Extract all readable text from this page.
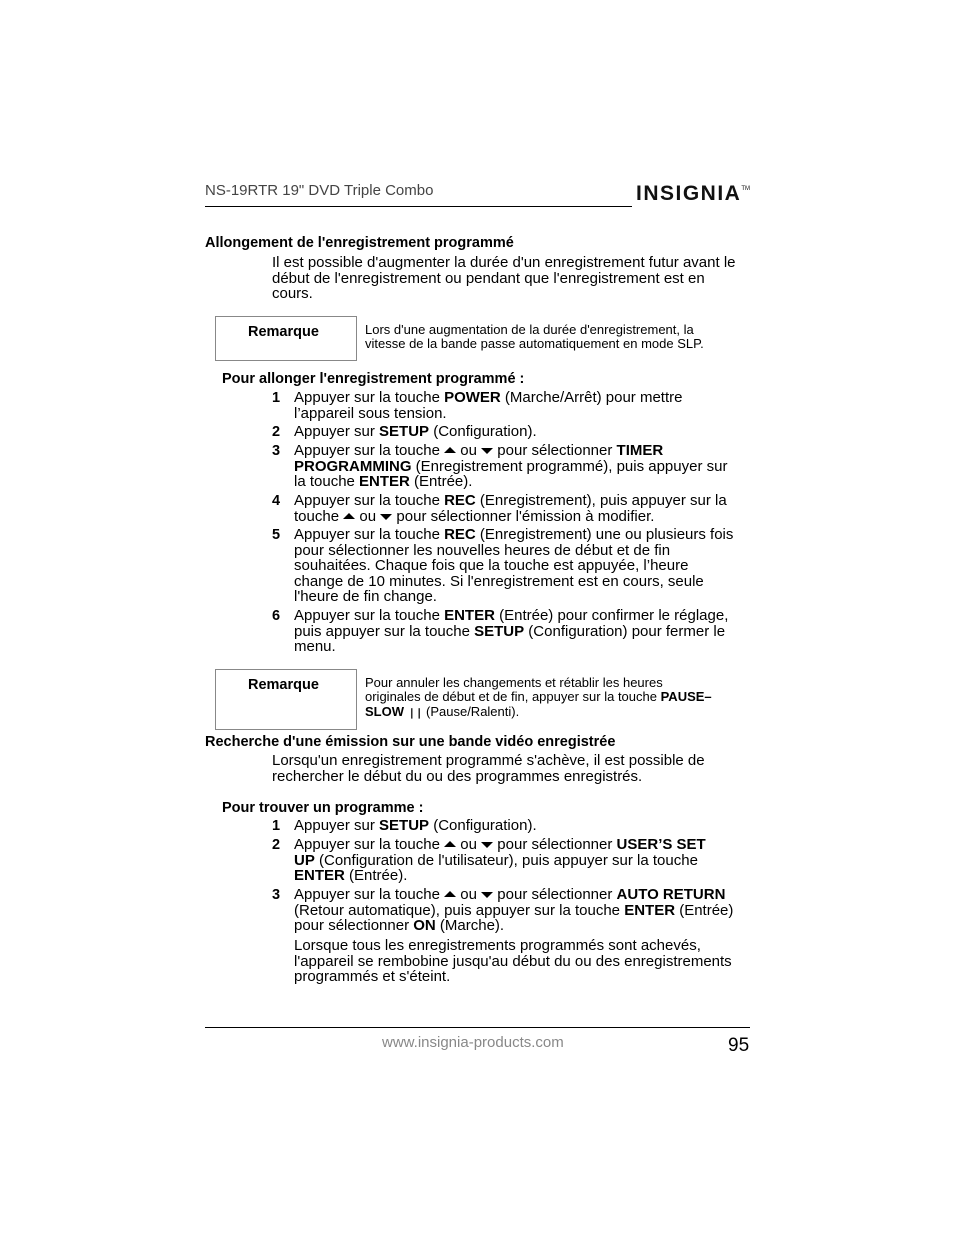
NS-19RTR 19" DVD Triple Combo	INSIGNIA™
Allongement de l'enregistrement programmé
Il est possible d'augmenter la durée d'un enregistrement futur avant le
début de l'enregistrement ou pendant que l'enregistrement est en
cours.
Remarque	Lors d'une augmentation de la durée d'enregistrement, la
vitesse de la bande passe automatiquement en mode SLP.
Pour allonger l'enregistrement programmé :
1 Appuyer sur la touche POWER (Marche/Arrêt) pour mettre
l’appareil sous tension.
2 Appuyer sur SETUP (Configuration).
3 Appuyer sur la touche  ou  pour sélectionner TIMER
PROGRAMMING (Enregistrement programmé), puis appuyer sur
la touche ENTER (Entrée).
4 Appuyer sur la touche REC (Enregistrement), puis appuyer sur la
touche  ou  pour sélectionner l'émission à modifier.
5 Appuyer sur la touche REC (Enregistrement) une ou plusieurs fois
pour sélectionner les nouvelles heures de début et de fin
souhaitées. Chaque fois que la touche est appuyée, l’heure
change de 10 minutes. Si l'enregistrement est en cours, seule
l'heure de fin change.
6 Appuyer sur la touche ENTER (Entrée) pour confirmer le réglage,
puis appuyer sur la touche SETUP (Configuration) pour fermer le
menu.
Remarque	Pour annuler les changements et rétablir les heures
originales de début et de fin, appuyer sur la touche PAUSE–
SLOW ❘❘ (Pause/Ralenti).
Recherche d'une émission sur une bande vidéo enregistrée
Lorsqu'un enregistrement programmé s'achève, il est possible de
rechercher le début du ou des programmes enregistrés.
Pour trouver un programme :
1 Appuyer sur SETUP (Configuration).
2 Appuyer sur la touche  ou  pour sélectionner USER’S SET
UP (Configuration de l'utilisateur), puis appuyer sur la touche
ENTER (Entrée).
3 Appuyer sur la touche  ou  pour sélectionner AUTO RETURN
(Retour automatique), puis appuyer sur la touche ENTER (Entrée)
pour sélectionner ON (Marche).
Lorsque tous les enregistrements programmés sont achevés,
l'appareil se rembobine jusqu'au début du ou des enregistrements
programmés et s'éteint.
www.insignia-products.com	95
